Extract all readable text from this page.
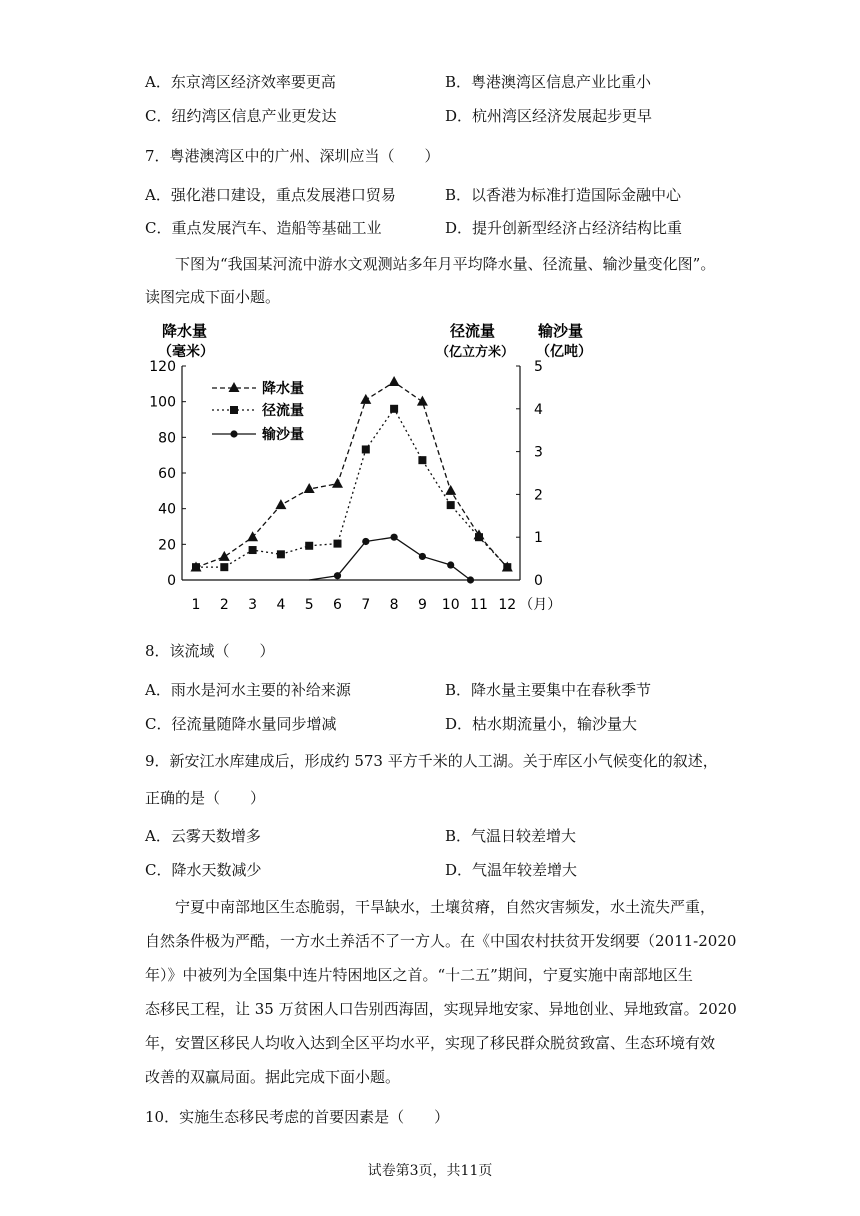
A．东京湾区经济效率要更高	B．粤港澳湾区信息产业比重小
C．纽约湾区信息产业更发达	D．杭州湾区经济发展起步更早
7．粤港澳湾区中的广州、深圳应当（　　）
A．强化港口建设，重点发展港口贸易	B．以香港为标准打造国际金融中心
C．重点发展汽车、造船等基础工业	D．提升创新型经济占经济结构比重
下图为“我国某河流中游水文观测站多年月平均降水量、径流量、输沙量变化图”。
读图完成下面小题。
降水量
（毫米）
径流量
（亿立方米）
输沙量
（亿吨）
0
20
40
60
80
100
120
0
1
2
3
4
5
1 2 3 4 5 6 7 8 9 10 11 12 （月）
降水量
径流量
输沙量
8．该流域（　　）
A．雨水是河水主要的补给来源	B．降水量主要集中在春秋季节
C．径流量随降水量同步增减	D．枯水期流量小，输沙量大
9．新安江水库建成后，形成约 573 平方千米的人工湖。关于库区小气候变化的叙述，
正确的是（　　）
A．云雾天数增多	B．气温日较差增大
C．降水天数减少	D．气温年较差增大
宁夏中南部地区生态脆弱，干旱缺水，土壤贫瘠，自然灾害频发，水土流失严重，
自然条件极为严酷，一方水土养活不了一方人。在《中国农村扶贫开发纲要（2011-2020
年）》中被列为全国集中连片特困地区之首。“十二五”期间，宁夏实施中南部地区生
态移民工程，让 35 万贫困人口告别西海固，实现异地安家、异地创业、异地致富。2020
年，安置区移民人均收入达到全区平均水平，实现了移民群众脱贫致富、生态环境有效
改善的双赢局面。据此完成下面小题。
10．实施生态移民考虑的首要因素是（　　）
试卷第3页，共11页
